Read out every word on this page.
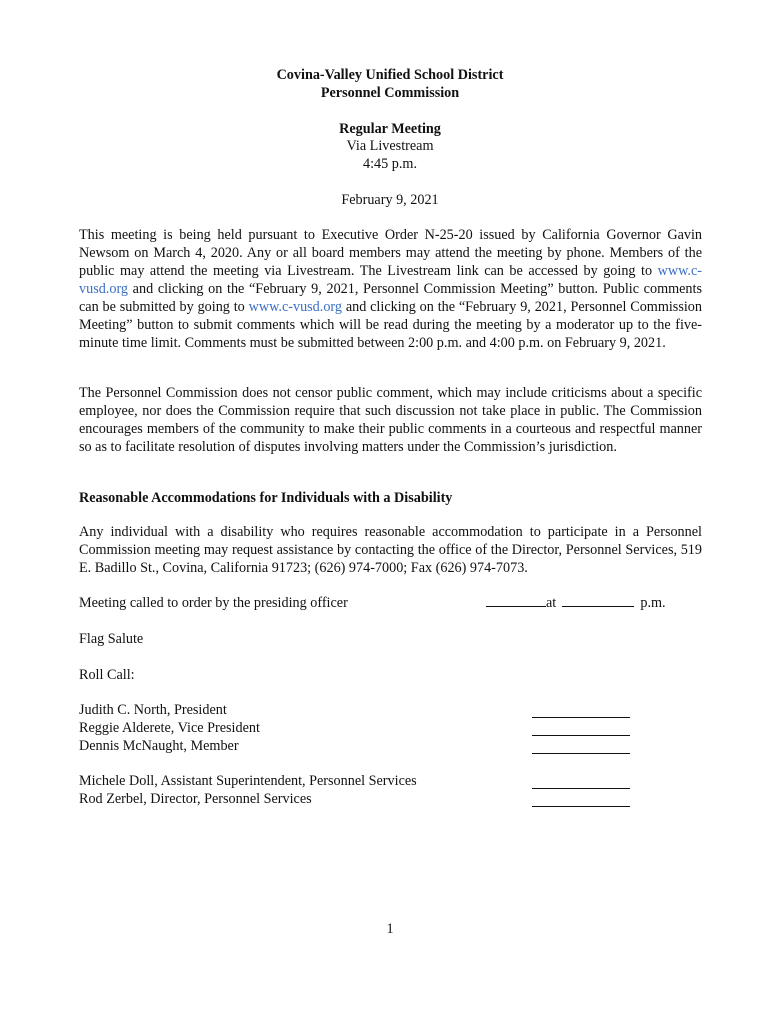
Covina-Valley Unified School District
Personnel Commission
Regular Meeting
Via Livestream
4:45 p.m.
February 9, 2021
This meeting is being held pursuant to Executive Order N-25-20 issued by California Governor Gavin Newsom on March 4, 2020. Any or all board members may attend the meeting by phone. Members of the public may attend the meeting via Livestream. The Livestream link can be accessed by going to www.c-vusd.org and clicking on the “February 9, 2021, Personnel Commission Meeting” button. Public comments can be submitted by going to www.c-vusd.org and clicking on the “February 9, 2021, Personnel Commission Meeting” button to submit comments which will be read during the meeting by a moderator up to the five-minute time limit. Comments must be submitted between 2:00 p.m. and 4:00 p.m. on February 9, 2021.
The Personnel Commission does not censor public comment, which may include criticisms about a specific employee, nor does the Commission require that such discussion not take place in public. The Commission encourages members of the community to make their public comments in a courteous and respectful manner so as to facilitate resolution of disputes involving matters under the Commission’s jurisdiction.
Reasonable Accommodations for Individuals with a Disability
Any individual with a disability who requires reasonable accommodation to participate in a Personnel Commission meeting may request assistance by contacting the office of the Director, Personnel Services, 519 E. Badillo St., Covina, California 91723; (626) 974-7000; Fax (626) 974-7073.
Meeting called to order by the presiding officer	at	p.m.
Flag Salute
Roll Call:
Judith C. North, President
Reggie Alderete, Vice President
Dennis McNaught, Member
Michele Doll, Assistant Superintendent, Personnel Services
Rod Zerbel, Director, Personnel Services
1
